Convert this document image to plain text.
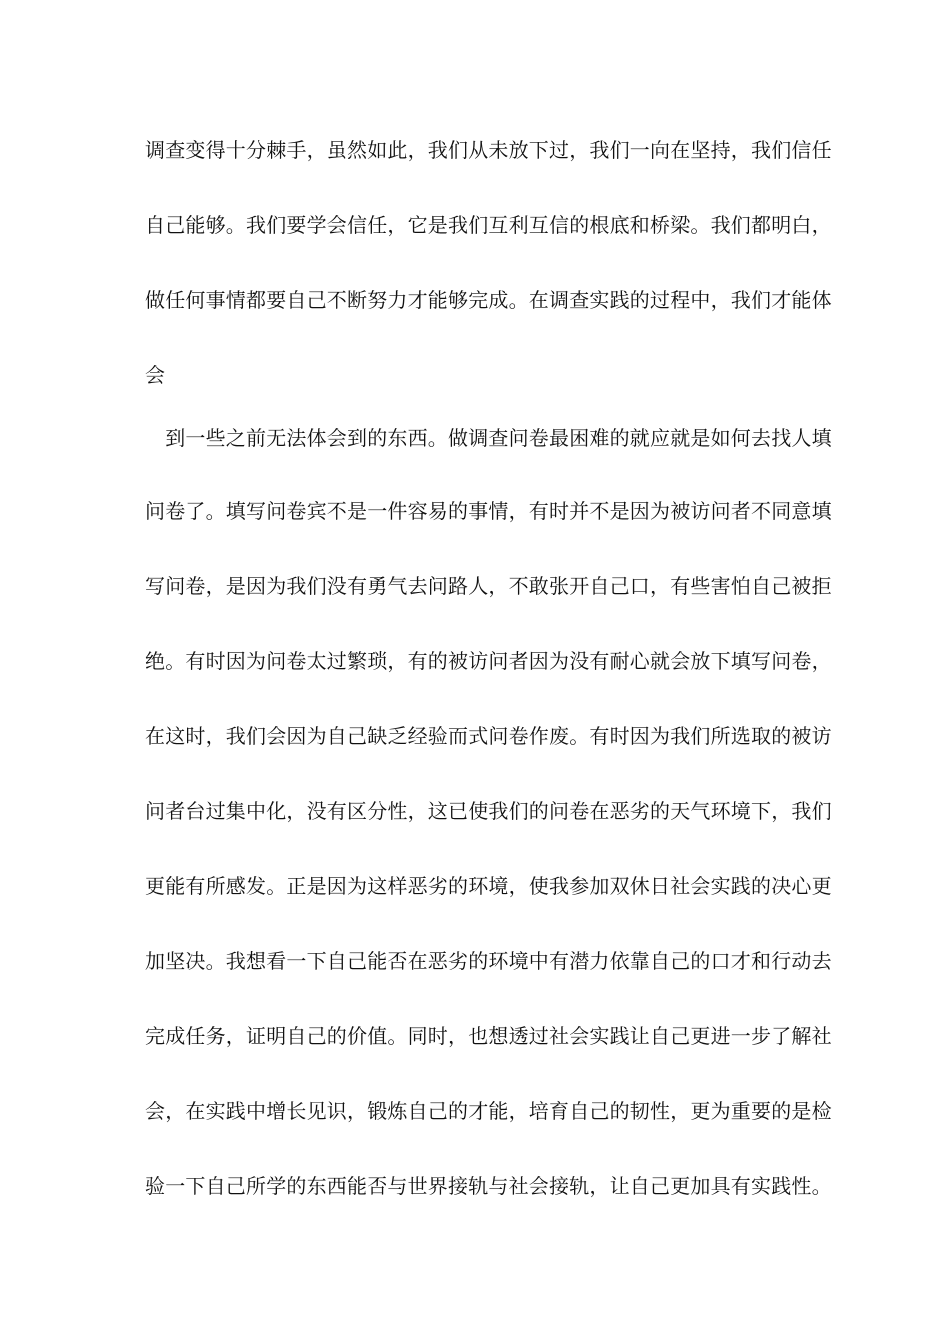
调查变得十分棘手，虽然如此，我们从未放下过，我们一向在坚持，我们信任
自己能够。我们要学会信任，它是我们互利互信的根底和桥梁。我们都明白，
做任何事情都要自己不断努力才能够完成。在调查实践的过程中，我们才能体
会
　到一些之前无法体会到的东西。做调查问卷最困难的就应就是如何去找人填
问卷了。填写问卷宾不是一件容易的事情，有时并不是因为被访问者不同意填
写问卷，是因为我们没有勇气去问路人，不敢张开自己口，有些害怕自己被拒
绝。有时因为问卷太过繁琐，有的被访问者因为没有耐心就会放下填写问卷，
在这时，我们会因为自己缺乏经验而式问卷作废。有时因为我们所选取的被访
问者台过集中化，没有区分性，这已使我们的问卷在恶劣的天气环境下，我们
更能有所感发。正是因为这样恶劣的环境，使我参加双休日社会实践的决心更
加坚决。我想看一下自己能否在恶劣的环境中有潜力依靠自己的口才和行动去
完成任务，证明自己的价值。同时，也想透过社会实践让自己更进一步了解社
会，在实践中增长见识，锻炼自己的才能，培育自己的韧性，更为重要的是检
验一下自己所学的东西能否与世界接轨与社会接轨，让自己更加具有实践性。
